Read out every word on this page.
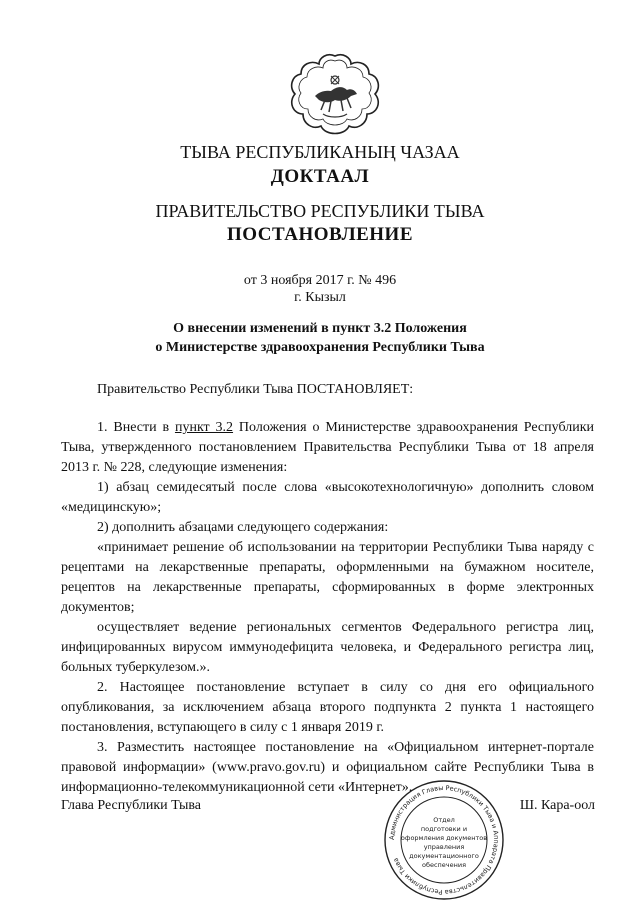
ТЫВА РЕСПУБЛИКАНЫҢ ЧАЗАА
ДОКТААЛ
ПРАВИТЕЛЬСТВО РЕСПУБЛИКИ ТЫВА
ПОСТАНОВЛЕНИЕ
от 3 ноября 2017 г. № 496
г. Кызыл
О внесении изменений в пункт 3.2 Положения
о Министерстве здравоохранения Республики Тыва

Правительство Республики Тыва ПОСТАНОВЛЯЕТ:

1. Внести в пункт 3.2 Положения о Министерстве здравоохранения Республики Тыва, утвержденного постановлением Правительства Республики Тыва от 18 апреля 2013 г. № 228, следующие изменения:

1) абзац семидесятый после слова «высокотехнологичную» дополнить словом «медицинскую»;

2) дополнить абзацами следующего содержания:

«принимает решение об использовании на территории Республики Тыва наряду с рецептами на лекарственные препараты, оформленными на бумажном носителе, рецептов на лекарственные препараты, сформированных в форме электронных документов;

осуществляет ведение региональных сегментов Федерального регистра лиц, инфицированных вирусом иммунодефицита человека, и Федерального регистра лиц, больных туберкулезом.».

2. Настоящее постановление вступает в силу со дня его официального опубликования, за исключением абзаца второго подпункта 2 пункта 1 настоящего постановления, вступающего в силу с 1 января 2019 г.

3. Разместить настоящее постановление на «Официальном интернет-портале правовой информации» (www.pravo.gov.ru) и официальном сайте Республики Тыва в информационно-телекоммуникационной сети «Интернет».

Глава Республики Тыва	Ш. Кара-оол
Администрация Главы Республики Тыва и Аппарата Правительства Республики Тыва
Отдел
подготовки и
оформления документов
управления
документационного
обеспечения
